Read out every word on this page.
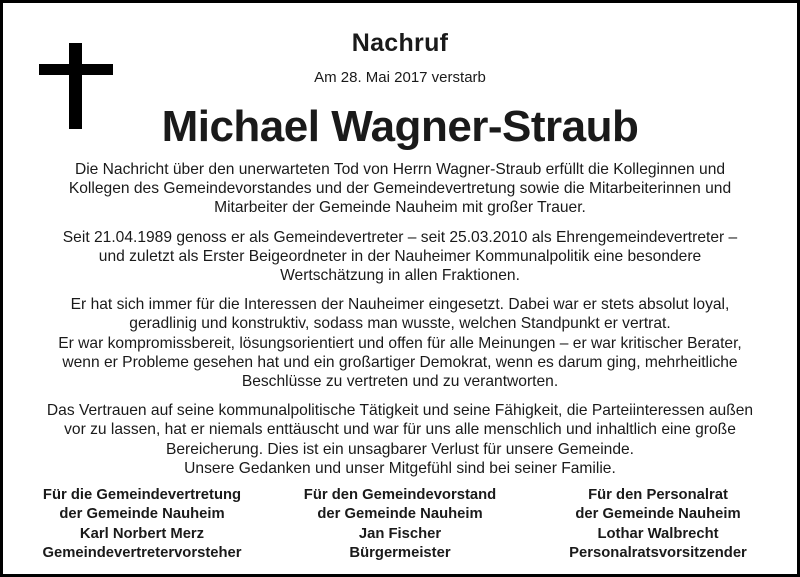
Nachruf
Am 28. Mai 2017 verstarb
Michael Wagner-Straub

Die Nachricht über den unerwarteten Tod von Herrn Wagner-Straub erfüllt die Kolleginnen und
Kollegen des Gemeindevorstandes und der Gemeindevertretung sowie die Mitarbeiterinnen und
Mitarbeiter der Gemeinde Nauheim mit großer Trauer.

Seit 21.04.1989 genoss er als Gemeindevertreter – seit 25.03.2010 als Ehrengemeindevertreter –
und zuletzt als Erster Beigeordneter in der Nauheimer Kommunalpolitik eine besondere
Wertschätzung in allen Fraktionen.

Er hat sich immer für die Interessen der Nauheimer eingesetzt. Dabei war er stets absolut loyal,
geradlinig und konstruktiv, sodass man wusste, welchen Standpunkt er vertrat.
Er war kompromissbereit, lösungsorientiert und offen für alle Meinungen – er war kritischer Berater,
wenn er Probleme gesehen hat und ein großartiger Demokrat, wenn es darum ging, mehrheitliche
Beschlüsse zu vertreten und zu verantworten.

Das Vertrauen auf seine kommunalpolitische Tätigkeit und seine Fähigkeit, die Parteiinteressen außen
vor zu lassen, hat er niemals enttäuscht und war für uns alle menschlich und inhaltlich eine große
Bereicherung. Dies ist ein unsagbarer Verlust für unsere Gemeinde.
Unsere Gedanken und unser Mitgefühl sind bei seiner Familie.

Für die Gemeindevertretung
der Gemeinde Nauheim
Karl Norbert Merz
Gemeindevertretervorsteher
Für den Gemeindevorstand
der Gemeinde Nauheim
Jan Fischer
Bürgermeister
Für den Personalrat
der Gemeinde Nauheim
Lothar Walbrecht
Personalratsvorsitzender
